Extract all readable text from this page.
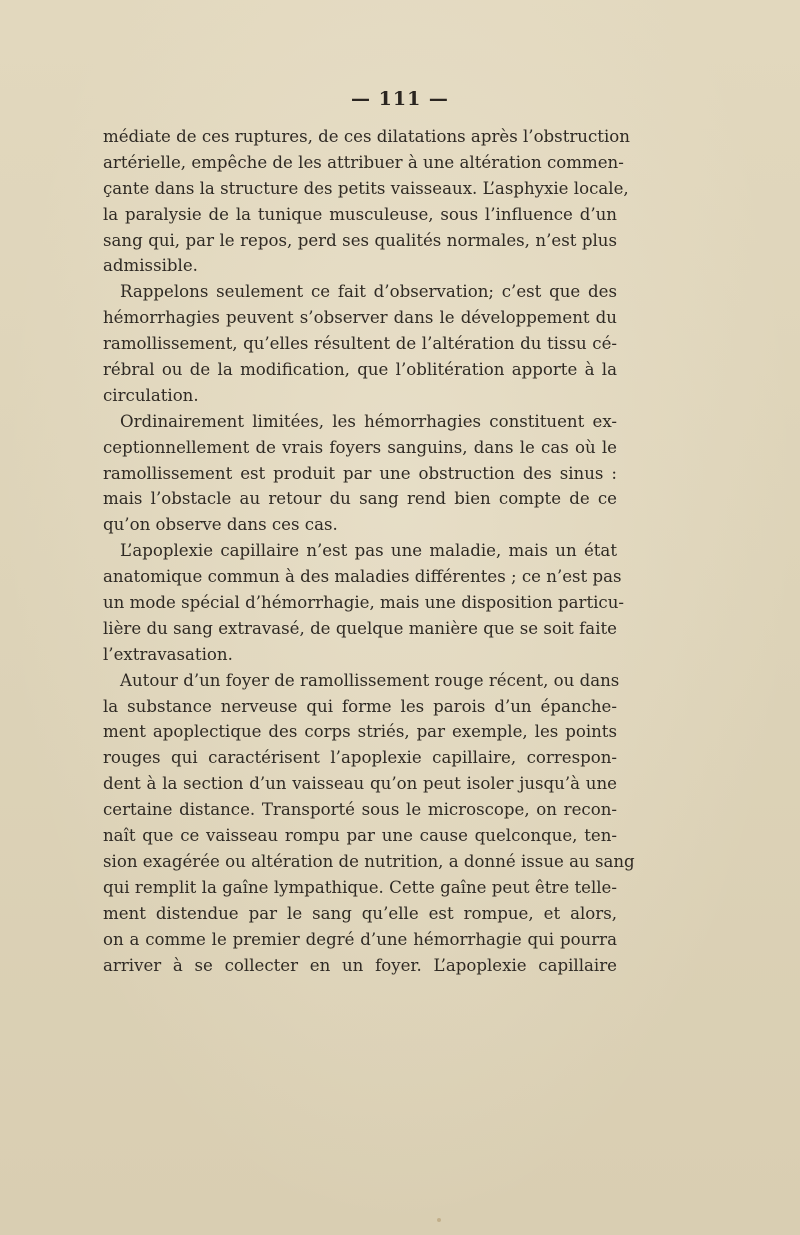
— 111 —
médiate de ces ruptures, de ces dilatations après l’obstruction
artérielle, empêche de les attribuer à une altération commen-
çante dans la structure des petits vaisseaux. L’asphyxie locale,
la paralysie de la tunique musculeuse, sous l’influence d’un
sang qui, par le repos, perd ses qualités normales, n’est plus
admissible.
Rappelons seulement ce fait d’observation; c’est que des
hémorrhagies peuvent s’observer dans le développement du
ramollissement, qu’elles résultent de l’altération du tissu cé-
rébral ou de la modification, que l’oblitération apporte à la
circulation.
Ordinairement limitées, les hémorrhagies constituent ex-
ceptionnellement de vrais foyers sanguins, dans le cas où le
ramollissement est produit par une obstruction des sinus :
mais l’obstacle au retour du sang rend bien compte de ce
qu’on observe dans ces cas.
L’apoplexie capillaire n’est pas une maladie, mais un état
anatomique commun à des maladies différentes ; ce n’est pas
un mode spécial d’hémorrhagie, mais une disposition particu-
lière du sang extravasé, de quelque manière que se soit faite
l’extravasation.
Autour d’un foyer de ramollissement rouge récent, ou dans
la substance nerveuse qui forme les parois d’un épanche-
ment apoplectique des corps striés, par exemple, les points
rouges qui caractérisent l’apoplexie capillaire, correspon-
dent à la section d’un vaisseau qu’on peut isoler jusqu’à une
certaine distance. Transporté sous le microscope, on recon-
naît que ce vaisseau rompu par une cause quelconque, ten-
sion exagérée ou altération de nutrition, a donné issue au sang
qui remplit la gaîne lympathique. Cette gaîne peut être telle-
ment distendue par le sang qu’elle est rompue, et alors,
on a comme le premier degré d’une hémorrhagie qui pourra
arriver à se collecter en un foyer. L’apoplexie capillaire
